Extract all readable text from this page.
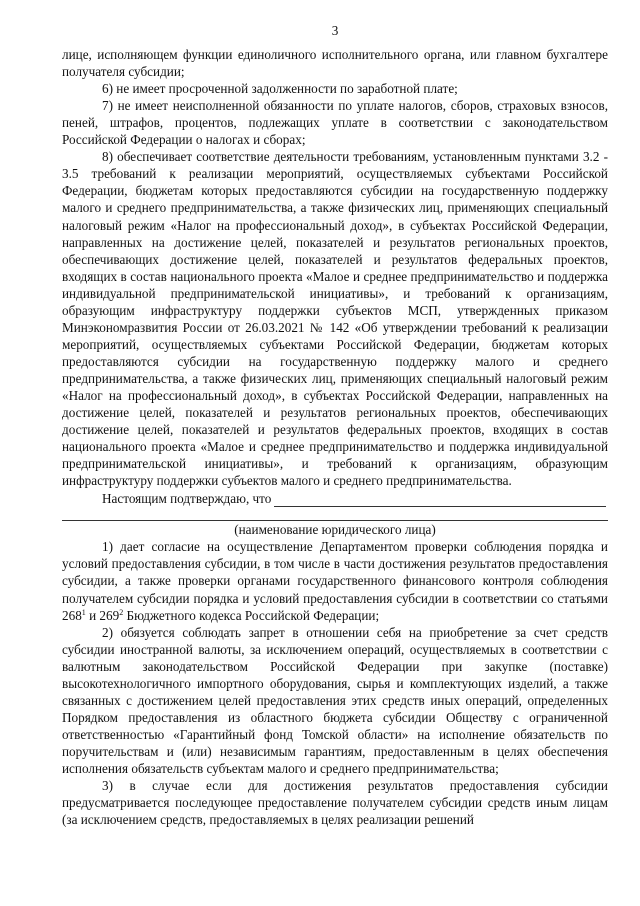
3

лице, исполняющем функции единоличного исполнительного органа, или главном бухгалтере получателя субсидии;

6) не имеет просроченной задолженности по заработной плате;

7) не имеет неисполненной обязанности по уплате налогов, сборов, страховых взносов, пеней, штрафов, процентов, подлежащих уплате в соответствии с законодательством Российской Федерации о налогах и сборах;

8) обеспечивает соответствие деятельности требованиям, установленным пунктами 3.2 - 3.5 требований к реализации мероприятий, осуществляемых субъектами Российской Федерации, бюджетам которых предоставляются субсидии на государственную поддержку малого и среднего предпринимательства, а также физических лиц, применяющих специальный налоговый режим «Налог на профессиональный доход», в субъектах Российской Федерации, направленных на достижение целей, показателей и результатов региональных проектов, обеспечивающих достижение целей, показателей и результатов федеральных проектов, входящих в состав национального проекта «Малое и среднее предпринимательство и поддержка индивидуальной предпринимательской инициативы», и требований к организациям, образующим инфраструктуру поддержки субъектов МСП, утвержденных приказом Минэкономразвития России от 26.03.2021 № 142 «Об утверждении требований к реализации мероприятий, осуществляемых субъектами Российской Федерации, бюджетам которых предоставляются субсидии на государственную поддержку малого и среднего предпринимательства, а также физических лиц, применяющих специальный налоговый режим «Налог на профессиональный доход», в субъектах Российской Федерации, направленных на достижение целей, показателей и результатов региональных проектов, обеспечивающих достижение целей, показателей и результатов федеральных проектов, входящих в состав национального проекта «Малое и среднее предпринимательство и поддержка индивидуальной предпринимательской инициативы», и требований к организациям, образующим инфраструктуру поддержки субъектов малого и среднего предпринимательства.

Настоящим подтверждаю, что
(наименование юридического лица)

1) дает согласие на осуществление Департаментом проверки соблюдения порядка и условий предоставления субсидии, в том числе в части достижения результатов предоставления субсидии, а также проверки органами государственного финансового контроля соблюдения получателем субсидии порядка и условий предоставления субсидии в соответствии со статьями $268^1$ и $269^2$ Бюджетного кодекса Российской Федерации;

2) обязуется соблюдать запрет в отношении себя на приобретение за счет средств субсидии иностранной валюты, за исключением операций, осуществляемых в соответствии с валютным законодательством Российской Федерации при закупке (поставке) высокотехнологичного импортного оборудования, сырья и комплектующих изделий, а также связанных с достижением целей предоставления этих средств иных операций, определенных Порядком предоставления из областного бюджета субсидии Обществу с ограниченной ответственностью «Гарантийный фонд Томской области» на исполнение обязательств по поручительствам и (или) независимым гарантиям, предоставленным в целях обеспечения исполнения обязательств субъектам малого и среднего предпринимательства;

3) в случае если для достижения результатов предоставления субсидии предусматривается последующее предоставление получателем субсидии средств иным лицам (за исключением средств, предоставляемых в целях реализации решений
